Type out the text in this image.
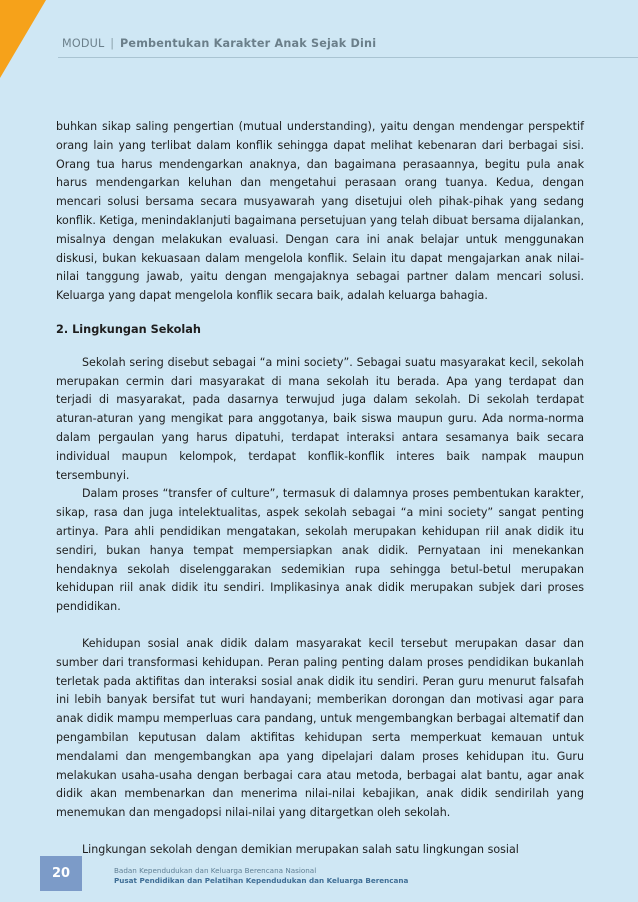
MODUL | Pembentukan Karakter Anak Sejak Dini

buhkan sikap saling pengertian (mutual understanding), yaitu dengan mendengar perspektif orang lain yang terlibat dalam konflik sehingga dapat melihat kebenaran dari berbagai sisi. Orang tua harus mendengarkan anaknya, dan bagaimana perasaannya, begitu pula anak harus mendengarkan keluhan dan mengetahui perasaan orang tuanya. Kedua, dengan mencari solusi bersama secara musyawarah yang disetujui oleh pihak-pihak yang sedang konflik. Ketiga, menindaklanjuti bagaimana persetujuan yang telah dibuat bersama dijalankan, misalnya dengan melakukan evaluasi. Dengan cara ini anak belajar untuk menggunakan diskusi, bukan kekuasaan dalam mengelola konflik. Selain itu dapat mengajarkan anak nilai-nilai tanggung jawab, yaitu dengan mengajaknya sebagai partner dalam mencari solusi. Keluarga yang dapat mengelola konflik secara baik, adalah keluarga bahagia.

2. Lingkungan Sekolah

Sekolah sering disebut sebagai “a mini society”. Sebagai suatu masyarakat kecil, sekolah merupakan cermin dari masyarakat di mana sekolah itu berada. Apa yang terdapat dan terjadi di masyarakat, pada dasarnya terwujud juga dalam sekolah. Di sekolah terdapat aturan-aturan yang mengikat para anggotanya, baik siswa maupun guru. Ada norma-norma dalam pergaulan yang harus dipatuhi, terdapat interaksi antara sesamanya baik secara individual maupun kelompok, terdapat konflik-konflik interes baik nampak maupun tersembunyi.

Dalam proses “transfer of culture”, termasuk di dalamnya proses pembentukan karakter, sikap, rasa dan juga intelektualitas, aspek sekolah sebagai “a mini society” sangat penting artinya. Para ahli pendidikan mengatakan, sekolah merupakan kehidupan riil anak didik itu sendiri, bukan hanya tempat mempersiapkan anak didik. Pernyataan ini menekankan hendaknya sekolah diselenggarakan sedemikian rupa sehingga betul-betul merupakan kehidupan riil anak didik itu sendiri. Implikasinya anak didik merupakan subjek dari proses pendidikan.

Kehidupan sosial anak didik dalam masyarakat kecil tersebut merupakan dasar dan sumber dari transformasi kehidupan. Peran paling penting dalam proses pendidikan bukanlah terletak pada aktifitas dan interaksi sosial anak didik itu sendiri. Peran guru menurut falsafah ini lebih banyak bersifat tut wuri handayani; memberikan dorongan dan motivasi agar para anak didik mampu memperluas cara pandang, untuk mengembangkan berbagai altematif dan pengambilan keputusan dalam aktifitas kehidupan serta memperkuat kemauan untuk mendalami dan mengembangkan apa yang dipelajari dalam proses kehidupan itu. Guru melakukan usaha-usaha dengan berbagai cara atau metoda, berbagai alat bantu, agar anak didik akan membenarkan dan menerima nilai-nilai kebajikan, anak didik sendirilah yang menemukan dan mengadopsi nilai-nilai yang ditargetkan oleh sekolah.

Lingkungan sekolah dengan demikian merupakan salah satu lingkungan sosial

20	Badan Kependudukan dan Keluarga Berencana Nasional
Pusat Pendidikan dan Pelatihan Kependudukan dan Keluarga Berencana
